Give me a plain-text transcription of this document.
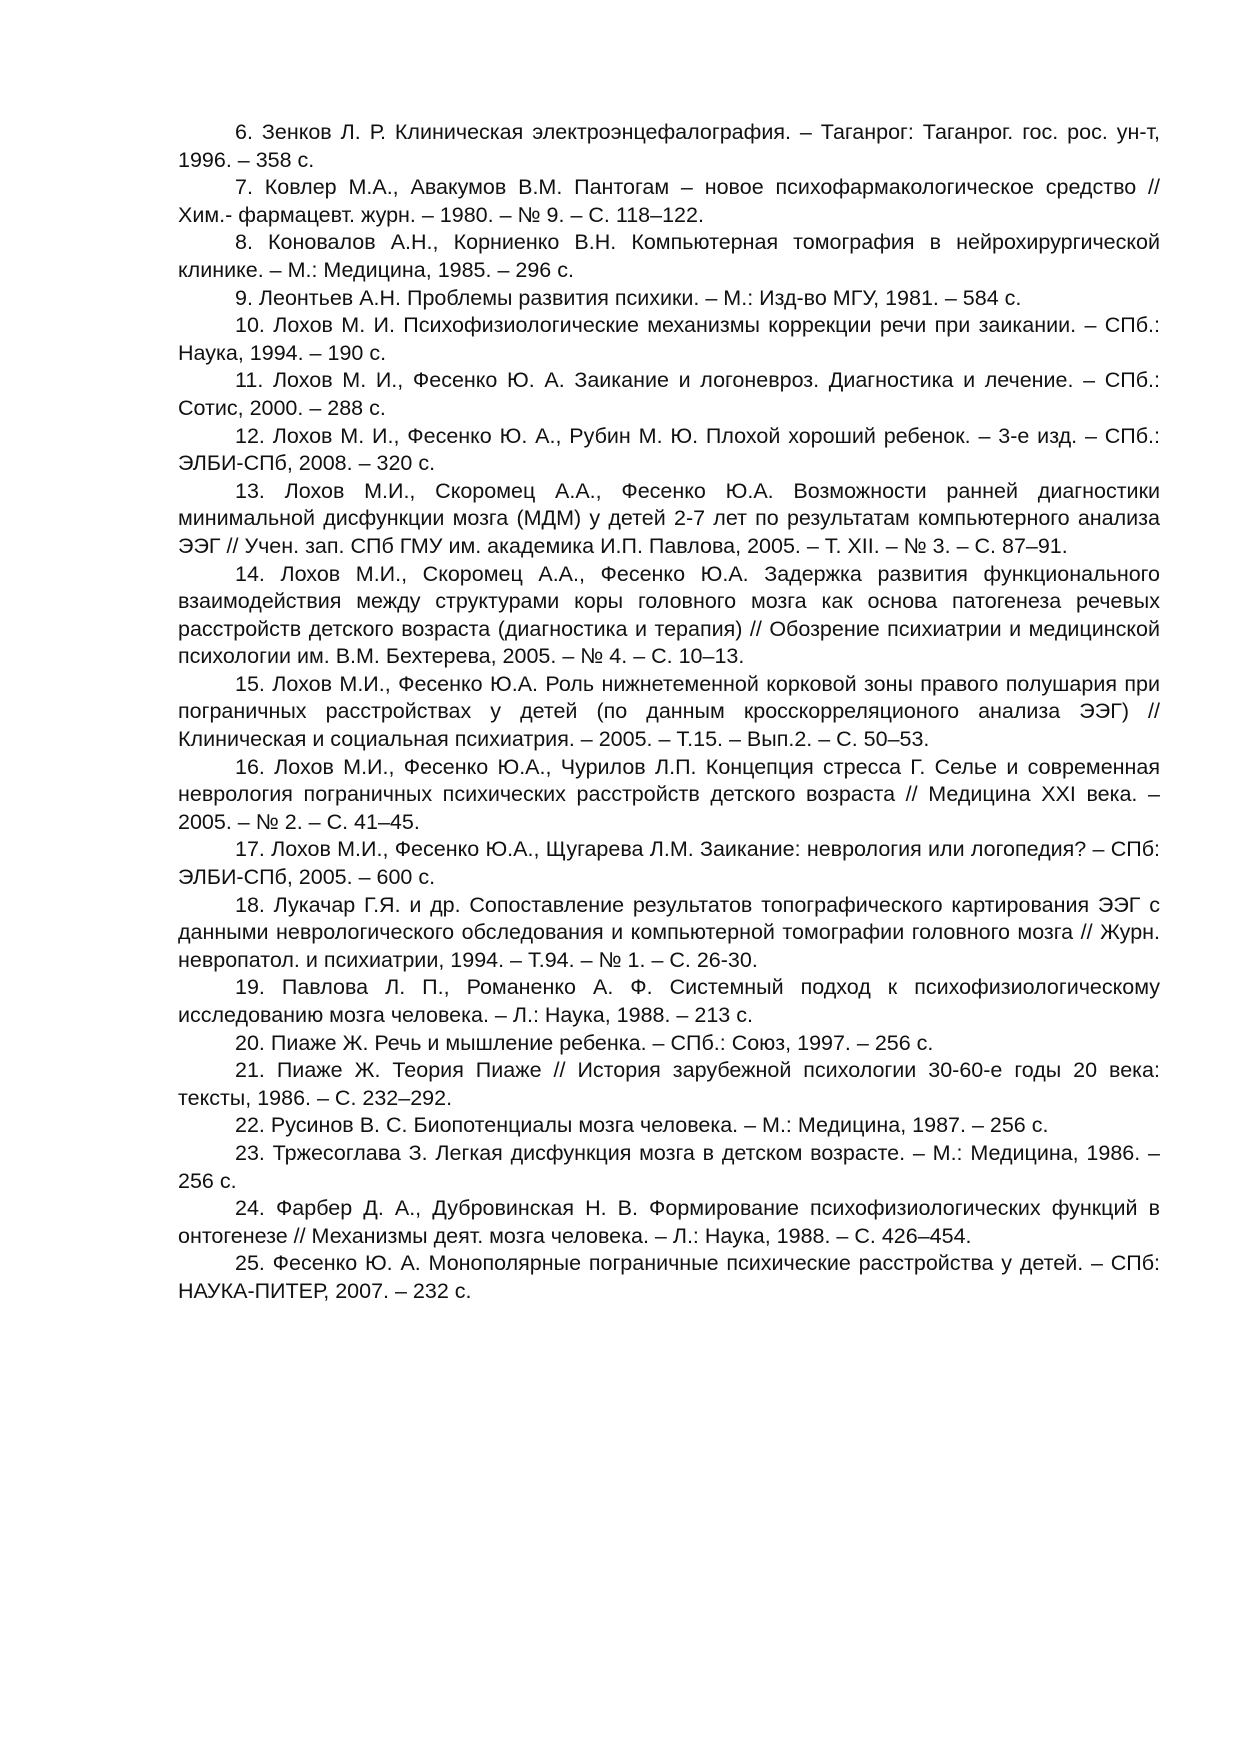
6. Зенков Л. Р. Клиническая электроэнцефалография. – Таганрог: Таганрог. гос. рос. ун-т, 1996. – 358 с.

7. Ковлер М.А., Авакумов В.М. Пантогам – новое психофармакологическое средство // Хим.- фармацевт. журн. – 1980. – № 9. – С. 118–122.

8. Коновалов А.Н., Корниенко В.Н. Компьютерная томография в нейрохирургической клинике. – М.: Медицина, 1985. – 296 с.

9. Леонтьев А.Н. Проблемы развития психики. – М.: Изд-во МГУ, 1981. – 584 с.

10. Лохов М. И. Психофизиологические механизмы коррекции речи при заикании. – СПб.: Наука, 1994. – 190 с.

11. Лохов М. И., Фесенко Ю. А. Заикание и логоневроз. Диагностика и лечение. – СПб.: Сотис, 2000. – 288 с.

12. Лохов М. И., Фесенко Ю. А., Рубин М. Ю. Плохой хороший ребенок. – 3-е изд. – СПб.: ЭЛБИ-СПб, 2008. – 320 с.

13. Лохов М.И., Скоромец А.А., Фесенко Ю.А. Возможности ранней диагностики минимальной дисфункции мозга (МДМ) у детей 2-7 лет по результатам компьютерного анализа ЭЭГ // Учен. зап. СПб ГМУ им. академика И.П. Павлова, 2005. – Т. XII. – № 3. – С. 87–91.

14. Лохов М.И., Скоромец А.А., Фесенко Ю.А. Задержка развития функционального взаимодействия между структурами коры головного мозга как основа патогенеза речевых расстройств детского возраста (диагностика и терапия) // Обозрение психиатрии и медицинской психологии им. В.М. Бехтерева, 2005. – № 4. – С. 10–13.

15. Лохов М.И., Фесенко Ю.А. Роль нижнетеменной корковой зоны правого полушария при пограничных расстройствах у детей (по данным кросскорреляционого анализа ЭЭГ) // Клиническая и социальная психиатрия. – 2005. – Т.15. – Вып.2. – С. 50–53.

16. Лохов М.И., Фесенко Ю.А., Чурилов Л.П. Концепция стресса Г. Селье и современная неврология пограничных психических расстройств детского возраста // Медицина XXI века. – 2005. – № 2. – С. 41–45.

17. Лохов М.И., Фесенко Ю.А., Щугарева Л.М. Заикание: неврология или логопедия? – СПб: ЭЛБИ-СПб, 2005. – 600 с.

18. Лукачар Г.Я. и др. Сопоставление результатов топографического картирования ЭЭГ с данными неврологического обследования и компьютерной томографии головного мозга // Журн. невропатол. и психиатрии, 1994. – Т.94. – № 1. – С. 26-30.

19. Павлова Л. П., Романенко А. Ф. Системный подход к психофизиологическому исследованию мозга человека. – Л.: Наука, 1988. – 213 с.

20. Пиаже Ж. Речь и мышление ребенка. – СПб.: Союз, 1997. – 256 с.

21. Пиаже Ж. Теория Пиаже // История зарубежной психологии 30-60-е годы 20 века: тексты, 1986. – С. 232–292.

22. Русинов В. С. Биопотенциалы мозга человека. – М.: Медицина, 1987. – 256 с.

23. Тржесоглава З. Легкая дисфункция мозга в детском возрасте. – М.: Медицина, 1986. – 256 с.

24. Фарбер Д. А., Дубровинская Н. В. Формирование психофизиологических функций в онтогенезе // Механизмы деят. мозга человека. – Л.: Наука, 1988. – С. 426–454.

25. Фесенко Ю. А. Монополярные пограничные психические расстройства у детей. – СПб: НАУКА-ПИТЕР, 2007. – 232 с.
